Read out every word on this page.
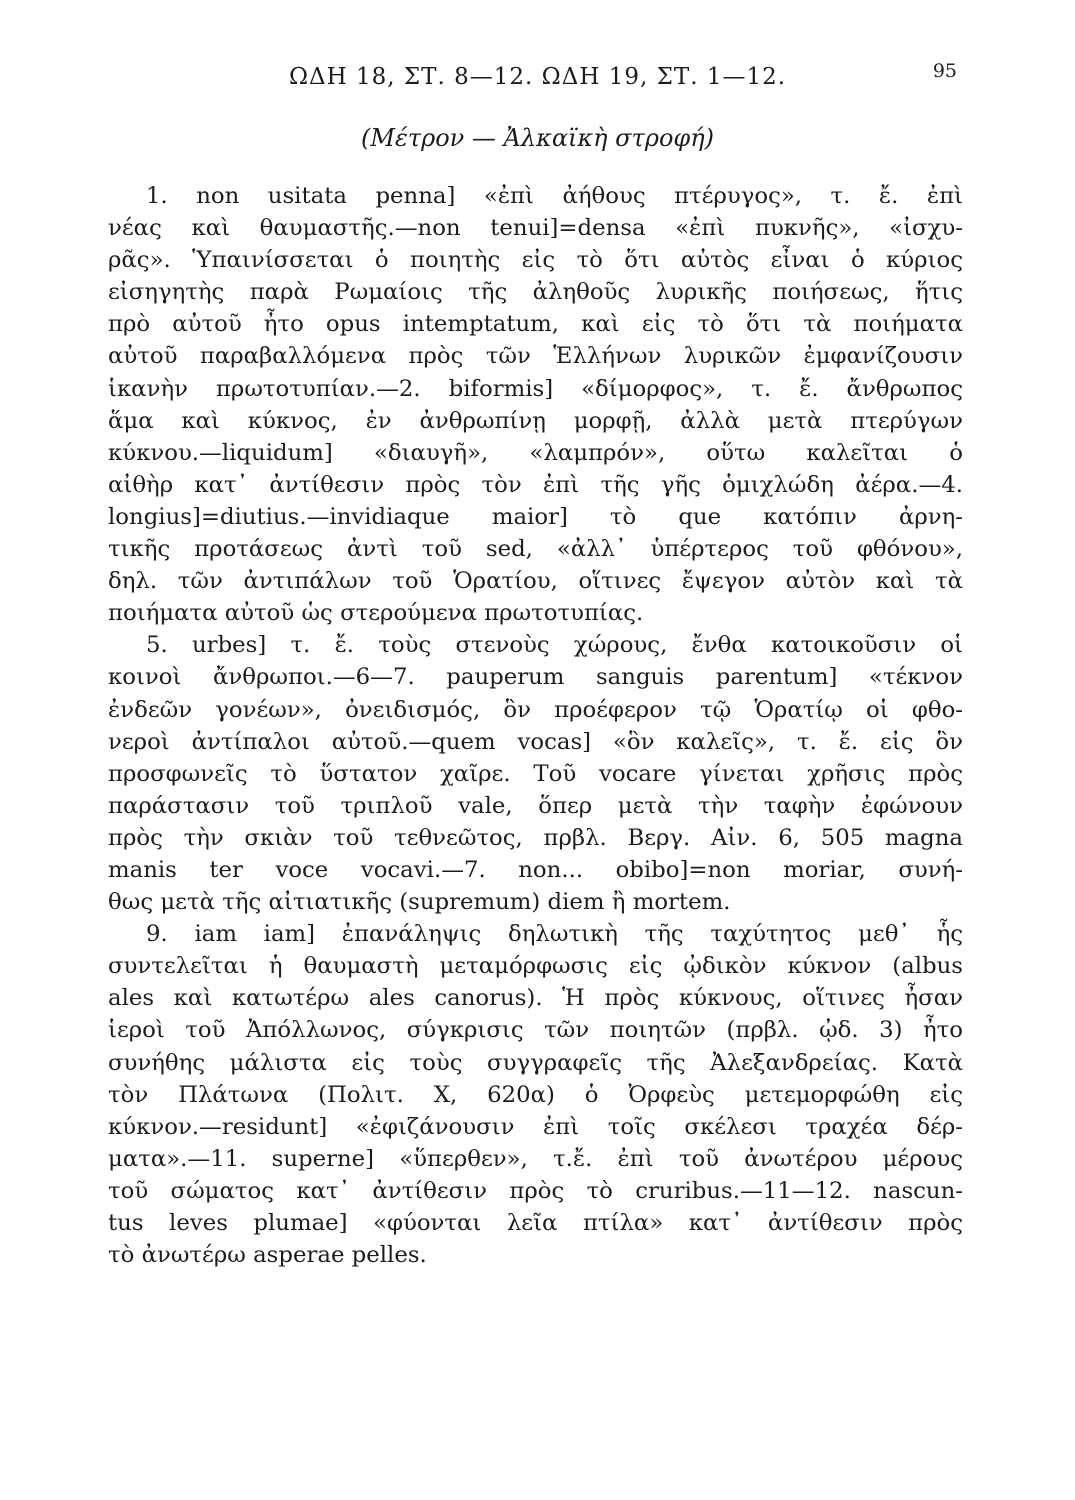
ΩΔΗ 18, ΣΤ. 8—12. ΩΔΗ 19, ΣΤ. 1—12.	95
(Μέτρον — Ἀλκαϊκὴ στροφή)
1. non usitata penna] «ἐπὶ ἀήθους πτέρυγος», τ. ἔ. ἐπὶ
νέας καὶ θαυμαστῆς.—non tenui]=densa «ἐπὶ πυκνῆς», «ἰσχυ-
ρᾶς». Ὑπαινίσσεται ὁ ποιητὴς εἰς τὸ ὅτι αὐτὸς εἶναι ὁ κύριος
εἰσηγητὴς παρὰ Ρωμαίοις τῆς ἀληθοῦς λυρικῆς ποιήσεως, ἥτις
πρὸ αὐτοῦ ἦτο opus intemptatum, καὶ εἰς τὸ ὅτι τὰ ποιήματα
αὐτοῦ παραβαλλόμενα πρὸς τῶν Ἑλλήνων λυρικῶν ἐμφανίζουσιν
ἱκανὴν πρωτοτυπίαν.—2. biformis] «δίμορφος», τ. ἔ. ἄνθρωπος
ἅμα καὶ κύκνος, ἐν ἀνθρωπίνῃ μορφῇ, ἀλλὰ μετὰ πτερύγων
κύκνου.—liquidum] «διαυγῆ», «λαμπρόν», οὕτω καλεῖται ὁ
αἰθὴρ κατ᾽ ἀντίθεσιν πρὸς τὸν ἐπὶ τῆς γῆς ὁμιχλώδη ἀέρα.—4.
longius]=diutius.—invidiaque maior] τὸ que κατόπιν ἀρνη-
τικῆς προτάσεως ἀντὶ τοῦ sed, «ἀλλ᾽ ὑπέρτερος τοῦ φθόνου»,
δηλ. τῶν ἀντιπάλων τοῦ Ὁρατίου, οἵτινες ἔψεγον αὐτὸν καὶ τὰ
ποιήματα αὐτοῦ ὡς στερούμενα πρωτοτυπίας.
5. urbes] τ. ἔ. τοὺς στενοὺς χώρους, ἔνθα κατοικοῦσιν οἱ
κοινοὶ ἄνθρωποι.—6—7. pauperum sanguis parentum] «τέκνον
ἐνδεῶν γονέων», ὀνειδισμός, ὃν προέφερον τῷ Ὁρατίῳ οἱ φθο-
νεροὶ ἀντίπαλοι αὐτοῦ.—quem vocas] «ὃν καλεῖς», τ. ἔ. εἰς ὃν
προσφωνεῖς τὸ ὕστατον χαῖρε. Τοῦ vocare γίνεται χρῆσις πρὸς
παράστασιν τοῦ τριπλοῦ vale, ὅπερ μετὰ τὴν ταφὴν ἐφώνουν
πρὸς τὴν σκιὰν τοῦ τεθνεῶτος, πρβλ. Βεργ. Αἰν. 6, 505 magna
manis ter voce vocavi.—7. non... obibo]=non moriar, συνή-
θως μετὰ τῆς αἰτιατικῆς (supremum) diem ἢ mortem.
9. iam iam] ἐπανάληψις δηλωτικὴ τῆς ταχύτητος μεθ᾽ ἧς
συντελεῖται ἡ θαυμαστὴ μεταμόρφωσις εἰς ᾠδικὸν κύκνον (albus
ales καὶ κατωτέρω ales canorus). Ἡ πρὸς κύκνους, οἵτινες ἦσαν
ἱεροὶ τοῦ Ἀπόλλωνος, σύγκρισις τῶν ποιητῶν (πρβλ. ᾠδ. 3) ἦτο
συνήθης μάλιστα εἰς τοὺς συγγραφεῖς τῆς Ἀλεξανδρείας. Κατὰ
τὸν Πλάτωνα (Πολιτ. Χ, 620α) ὁ Ὀρφεὺς μετεμορφώθη εἰς
κύκνον.—residunt] «ἐφιζάνουσιν ἐπὶ τοῖς σκέλεσι τραχέα δέρ-
ματα».—11. superne] «ὕπερθεν», τ.ἔ. ἐπὶ τοῦ ἀνωτέρου μέρους
τοῦ σώματος κατ᾽ ἀντίθεσιν πρὸς τὸ cruribus.—11—12. nascun-
tus leves plumae] «φύονται λεῖα πτίλα» κατ᾽ ἀντίθεσιν πρὸς
τὸ ἀνωτέρω asperae pelles.
